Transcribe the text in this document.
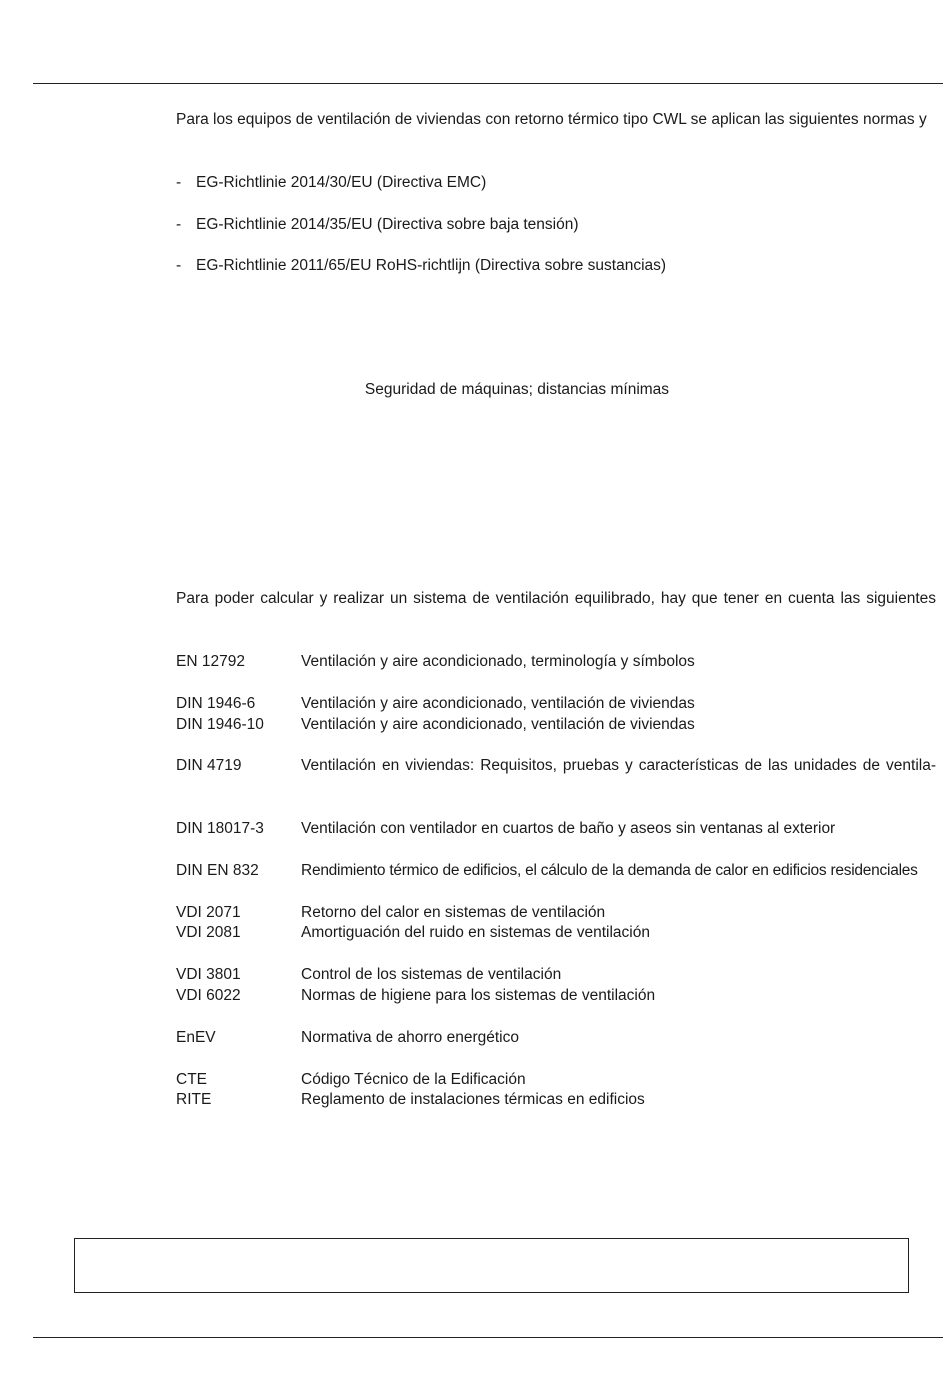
Para los equipos de ventilación de viviendas con retorno térmico tipo CWL se aplican las siguientes normas y
- EG-Richtlinie 2014/30/EU (Directiva EMC)
- EG-Richtlinie 2014/35/EU (Directiva sobre baja tensión)
- EG-Richtlinie 2011/65/EU RoHS-richtlijn (Directiva sobre sustancias)
Seguridad de máquinas; distancias mínimas
Para poder calcular y realizar un sistema de ventilación equilibrado, hay que tener en cuenta las siguientes
EN 12792	Ventilación y aire acondicionado, terminología y símbolos
DIN 1946-6	Ventilación y aire acondicionado, ventilación de viviendas
DIN 1946-10	Ventilación y aire acondicionado, ventilación de viviendas
DIN 4719	Ventilación en viviendas: Requisitos, pruebas y características de las unidades de ventila-
DIN 18017-3	Ventilación con ventilador en cuartos de baño y aseos sin ventanas al exterior
DIN EN 832	Rendimiento térmico de edificios, el cálculo de la demanda de calor en edificios residenciales
VDI 2071	Retorno del calor en sistemas de ventilación
VDI 2081	Amortiguación del ruido en sistemas de ventilación
VDI 3801	Control de los sistemas de ventilación
VDI 6022	Normas de higiene para los sistemas de ventilación
EnEV	Normativa de ahorro energético
CTE	Código Técnico de la Edificación
RITE	Reglamento de instalaciones térmicas en edificios
